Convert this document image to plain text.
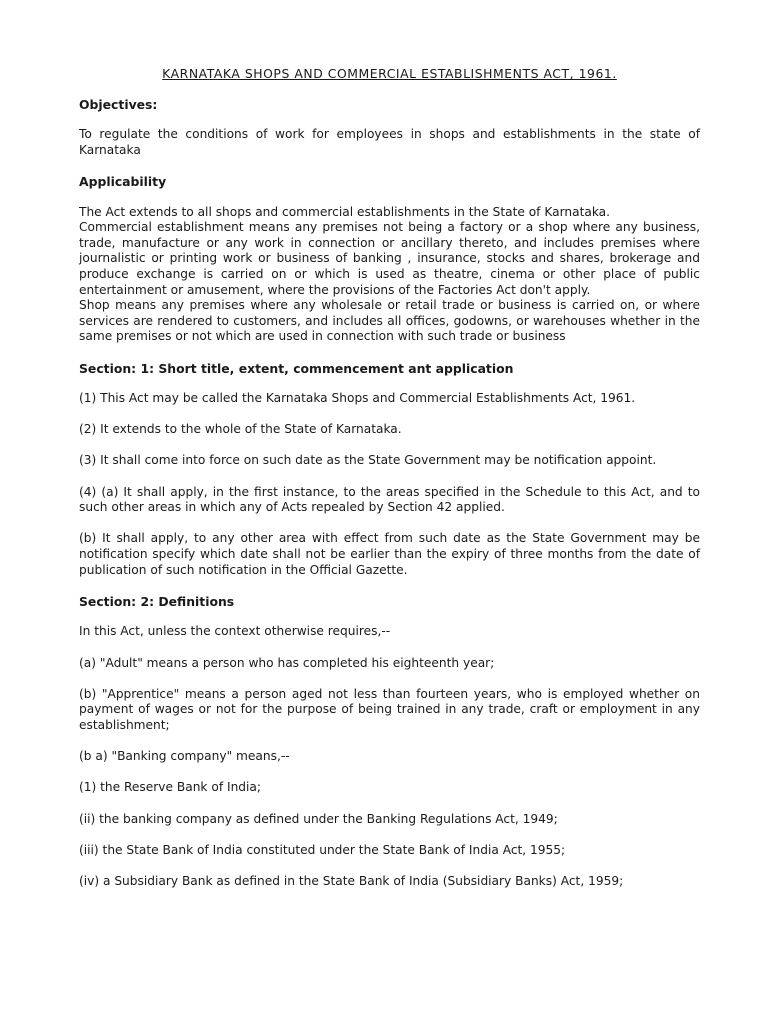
KARNATAKA SHOPS AND COMMERCIAL ESTABLISHMENTS ACT, 1961.

Objectives:

To regulate the conditions of work for employees in shops and establishments in the state of Karnataka

Applicability

The Act extends to all shops and commercial establishments in the State of Karnataka.

Commercial establishment means any premises not being a factory or a shop where any business, trade, manufacture or any work in connection or ancillary thereto, and includes premises where journalistic or printing work or business of banking , insurance, stocks and shares, brokerage and produce exchange is carried on or which is used as theatre, cinema or other place of public entertainment or amusement, where the provisions of the Factories Act don't apply.

Shop means any premises where any wholesale or retail trade or business is carried on, or where services are rendered to customers, and includes all offices, godowns, or warehouses whether in the same premises or not which are used in connection with such trade or business

Section: 1: Short title, extent, commencement ant application

(1) This Act may be called the Karnataka Shops and Commercial Establishments Act, 1961.

(2) It extends to the whole of the State of Karnataka.

(3) It shall come into force on such date as the State Government may be notification appoint.

(4) (a) It shall apply, in the first instance, to the areas specified in the Schedule to this Act, and to such other areas in which any of Acts repealed by Section 42 applied.

(b) It shall apply, to any other area with effect from such date as the State Government may be notification specify which date shall not be earlier than the expiry of three months from the date of publication of such notification in the Official Gazette.

Section: 2: Definitions

In this Act, unless the context otherwise requires,--

(a) "Adult" means a person who has completed his eighteenth year;

(b) "Apprentice" means a person aged not less than fourteen years, who is employed whether on payment of wages or not for the purpose of being trained in any trade, craft or employment in any establishment;

(b a) "Banking company" means,--

(1) the Reserve Bank of India;

(ii) the banking company as defined under the Banking Regulations Act, 1949;

(iii) the State Bank of India constituted under the State Bank of India Act, 1955;

(iv) a Subsidiary Bank as defined in the State Bank of India (Subsidiary Banks) Act, 1959;
